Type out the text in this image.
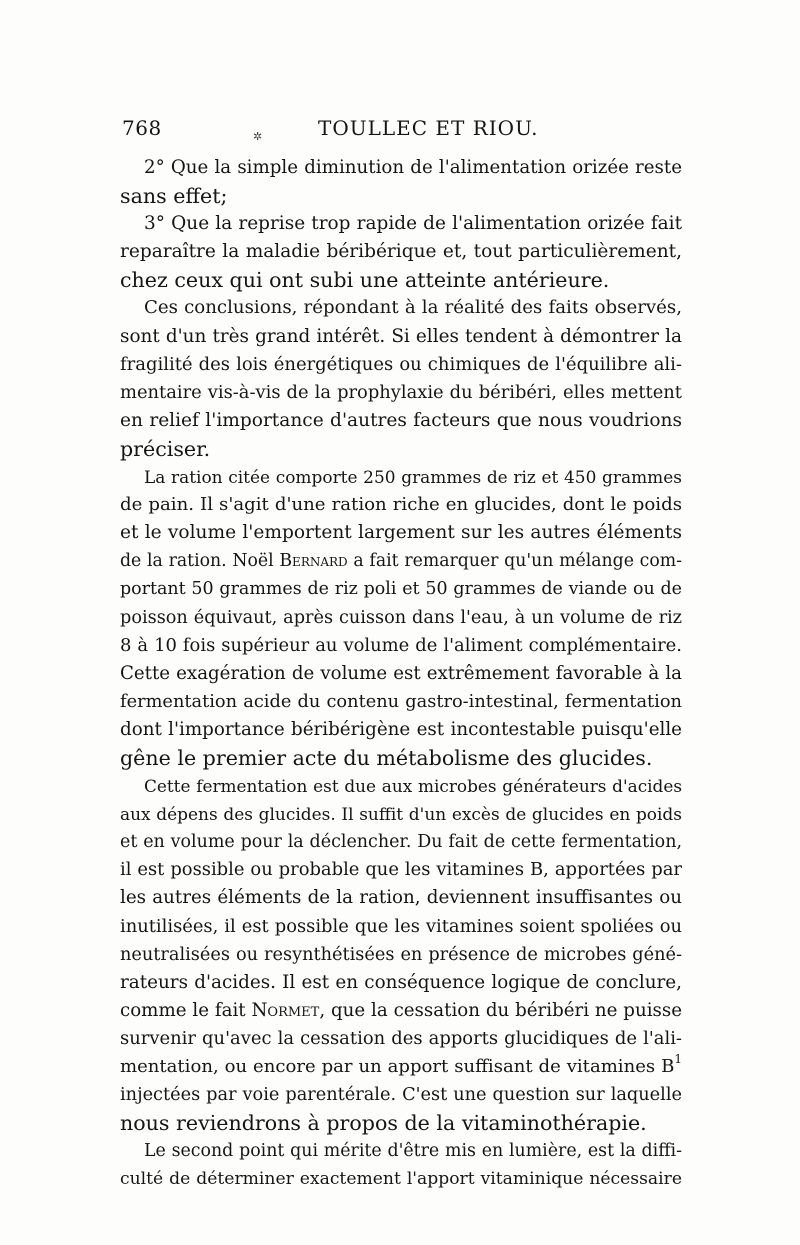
768	✲	TOULLEC ET RIOU.

2° Que la simple diminution de l'alimentation orizée reste
sans effet;

3° Que la reprise trop rapide de l'alimentation orizée fait
reparaître la maladie béribérique et, tout particulièrement,
chez ceux qui ont subi une atteinte antérieure.

Ces conclusions, répondant à la réalité des faits observés,
sont d'un très grand intérêt. Si elles tendent à démontrer la
fragilité des lois énergétiques ou chimiques de l'équilibre ali-
mentaire vis-à-vis de la prophylaxie du béribéri, elles mettent
en relief l'importance d'autres facteurs que nous voudrions
préciser.

La ration citée comporte 250 grammes de riz et 450 grammes
de pain. Il s'agit d'une ration riche en glucides, dont le poids
et le volume l'emportent largement sur les autres éléments
de la ration. Noël Bernard a fait remarquer qu'un mélange com-
portant 50 grammes de riz poli et 50 grammes de viande ou de
poisson équivaut, après cuisson dans l'eau, à un volume de riz
8 à 10 fois supérieur au volume de l'aliment complémentaire.
Cette exagération de volume est extrêmement favorable à la
fermentation acide du contenu gastro-intestinal, fermentation
dont l'importance béribérigène est incontestable puisqu'elle
gêne le premier acte du métabolisme des glucides.

Cette fermentation est due aux microbes générateurs d'acides
aux dépens des glucides. Il suffit d'un excès de glucides en poids
et en volume pour la déclencher. Du fait de cette fermentation,
il est possible ou probable que les vitamines B, apportées par
les autres éléments de la ration, deviennent insuffisantes ou
inutilisées, il est possible que les vitamines soient spoliées ou
neutralisées ou resynthétisées en présence de microbes géné-
rateurs d'acides. Il est en conséquence logique de conclure,
comme le fait Normet, que la cessation du béribéri ne puisse
survenir qu'avec la cessation des apports glucidiques de l'ali-
mentation, ou encore par un apport suffisant de vitamines $B^1$
injectées par voie parentérale. C'est une question sur laquelle
nous reviendrons à propos de la vitaminothérapie.

Le second point qui mérite d'être mis en lumière, est la diffi-
culté de déterminer exactement l'apport vitaminique nécessaire
